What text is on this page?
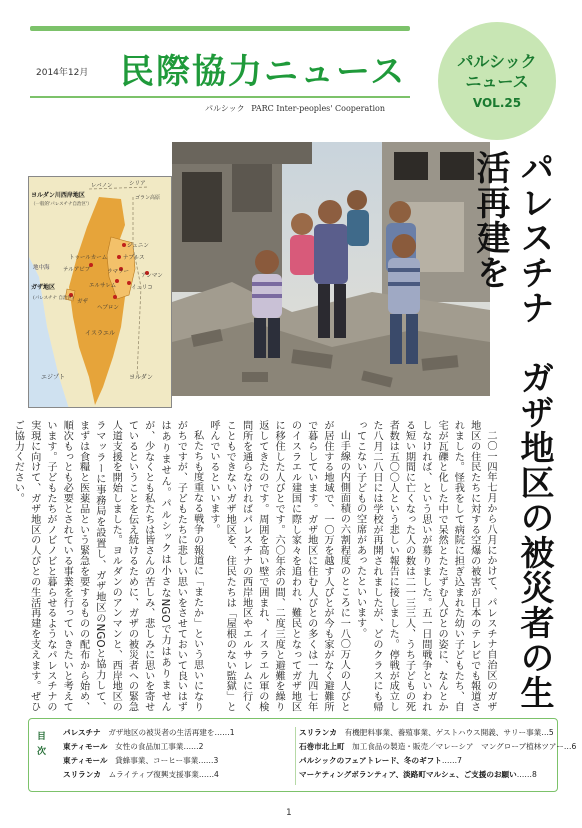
2014年12月 民際協力ニュース
パルシック PARC Inter-peoples' Cooperation
パルシック
ニュース
VOL.25
レバノン	シリア
ゴラン高原
ヨルダン川西岸地区
（一般的'パレスチナ自治区'）
地中海
トゥールカーム
ジェニン
ナブルス
テルアビブ	ラマラー
アンマン
エルサレム	イェリコ
ガザ地区
(パレスチナ 自治区)
ガザ
ヘブロン
イスラエル
エジプト	ヨルダン	パレスチナ　ガザ地区の被災者の生活再建を

二〇一四年七月から八月にかけて、パレスチナ自治区のガザ地区の住民たちに対する空爆の被害が日本のテレビでも報道されました。怪我をして病院に担ぎ込まれた幼い子どもたち、自宅が瓦礫と化した中で呆然とたたずむ人びとの姿に、なんとかしなければ、という思いが募りました。五一日間戦争といわれる短い期間に亡くなった人の数は二一三三人、うち子どもの死者数は五〇〇人という悲しい報告に接しました。停戦が成立した八月二八日には学校が再開されましたが、どのクラスにも帰ってこない子どもの空席があったといいます。

山手線の内側面積の六割程度のところに一八〇万人の人びとが居住する地域で、一〇万を越す人びとが今も家がなく避難所で暮らしています。ガザ地区に住む人びとの多くは一九四七年のイスラエル建国に際し家々を追われ、難民となってガザ地区に移住した人びとです。六〇年余の間、二度三度と避難を繰り返してきたのです。周囲を高い壁で囲まれ、イスラエル軍の検問所を通らなければパレスチナの西岸地区やエルサレムに行くこともできないガザ地区を、住民たちは「屋根のない監獄」と呼んでいるといいます。

私たちも度重なる戦争の報道に「またか」という思いになりがちですが、子どもたちに悲しい思いをさせておいて良いはずはありません。パルシックは小さなNGOで力はありませんが、少なくとも私たちは皆さんの苦しみ、悲しみに思いを寄せているということを伝え続けるために、ガザの被災者への緊急人道支援を開始しました。ヨルダンのアンマンと、西岸地区のラマッラーに事務局を設置し、ガザ地区のNGOと協力して、まずは食糧と医薬品という緊急を要するものの配布から始め、順次もっとも必要とされている事業を行っていきたいと考えています。子どもたちがノビノビと暮らせるようなパレスチナの実現に向けて、ガザ地区の人びとの生活再建を支えます。ぜひご協力ください。

目次 パレスチナ　 ガザ地区の被災者の生活再建を……1
東ティモール　 女性の食品加工事業……2
東ティモール　 貸蜂事業、コーヒー事業……3
スリランカ　 ムライティブ復興支援事業……4
スリランカ　 有機肥料事業、養殖事業、ゲストハウス開義、サリー事業…5
石巻市北上町　 加工食品の製造・販売／マレーシア　マングローブ植林ツアー…6
パルシックのフェアトレード、冬のギフト……7
マーケティングボランティア、淡路町マルシェ、ご支援のお願い……8
1
